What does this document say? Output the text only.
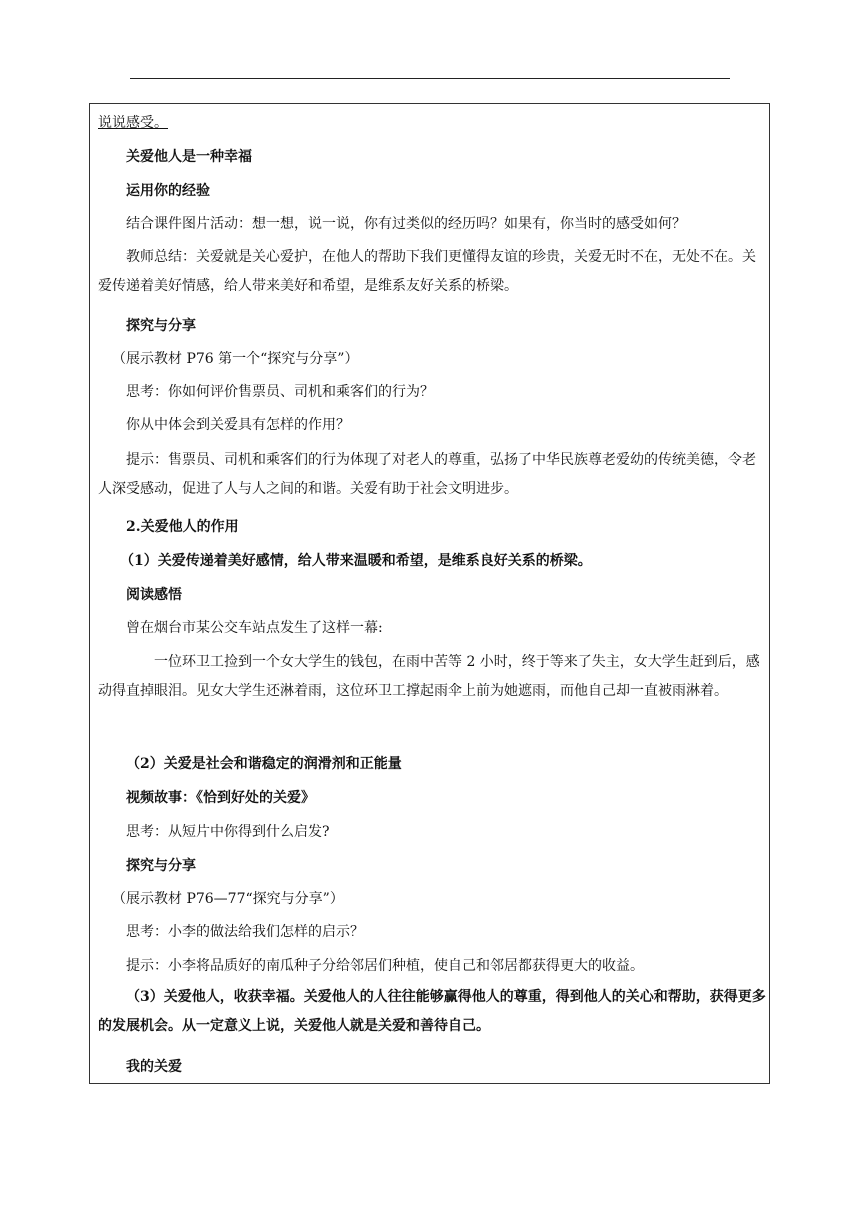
说说感受。
关爱他人是一种幸福
运用你的经验
结合课件图片活动：想一想，说一说，你有过类似的经历吗？如果有，你当时的感受如何？
教师总结：关爱就是关心爱护，在他人的帮助下我们更懂得友谊的珍贵，关爱无时不在，无处不在。关爱传递着美好情感，给人带来美好和希望，是维系友好关系的桥梁。
探究与分享
（展示教材 P76 第一个“探究与分享”）
思考：你如何评价售票员、司机和乘客们的行为？
你从中体会到关爱具有怎样的作用？
提示：售票员、司机和乘客们的行为体现了对老人的尊重，弘扬了中华民族尊老爱幼的传统美德，令老人深受感动，促进了人与人之间的和谐。关爱有助于社会文明进步。
2.关爱他人的作用
（1）关爱传递着美好感情，给人带来温暖和希望，是维系良好关系的桥梁。
阅读感悟
曾在烟台市某公交车站点发生了这样一幕:
一位环卫工捡到一个女大学生的钱包，在雨中苦等 2 小时，终于等来了失主，女大学生赶到后，感动得直掉眼泪。见女大学生还淋着雨，这位环卫工撑起雨伞上前为她遮雨，而他自己却一直被雨淋着。
（2）关爱是社会和谐稳定的润滑剂和正能量
视频故事：《恰到好处的关爱》
思考：从短片中你得到什么启发?
探究与分享
（展示教材 P76—77“探究与分享”）
思考：小李的做法给我们怎样的启示？
提示：小李将品质好的南瓜种子分给邻居们种植，使自己和邻居都获得更大的收益。
（3）关爱他人，收获幸福。关爱他人的人往往能够赢得他人的尊重，得到他人的关心和帮助，获得更多的发展机会。从一定意义上说，关爱他人就是关爱和善待自己。
我的关爱
